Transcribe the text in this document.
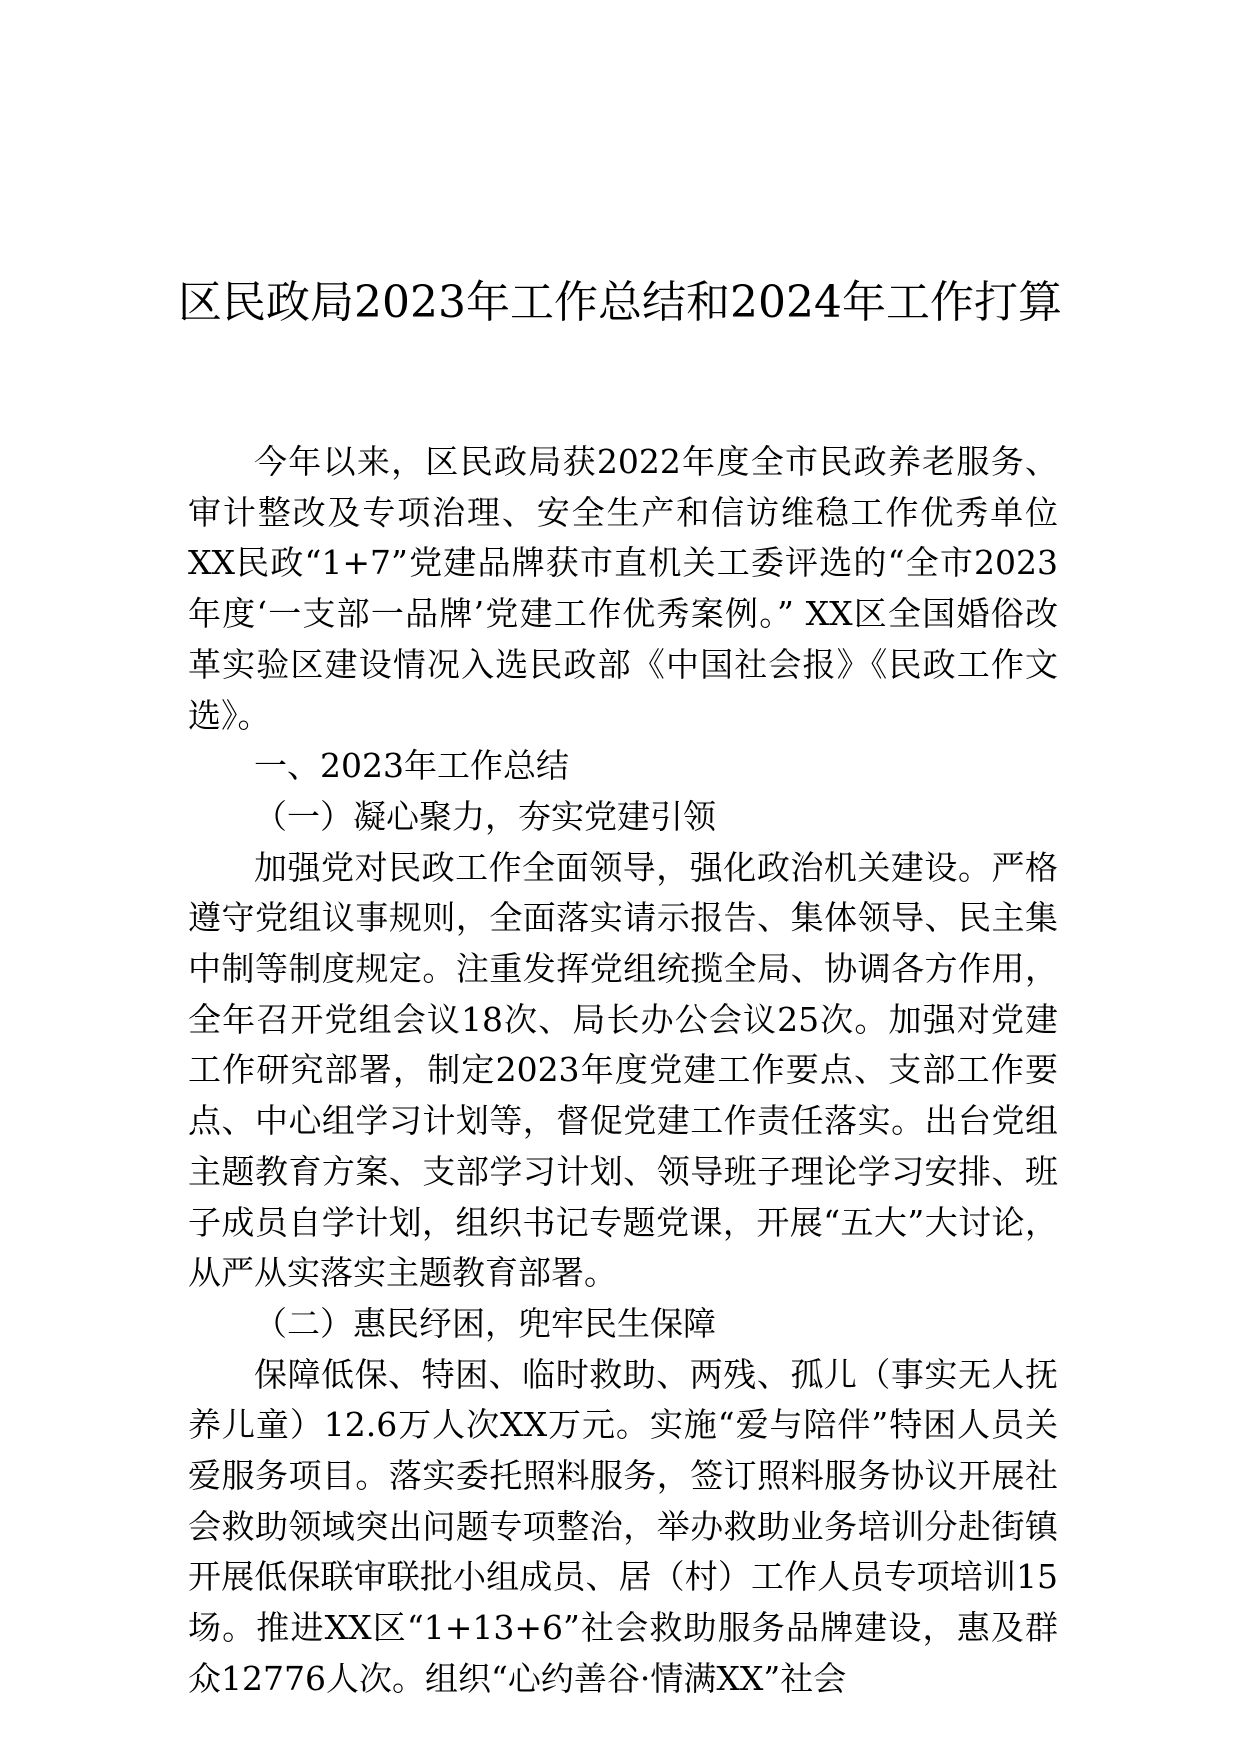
区民政局2023年工作总结和2024年工作打算

今年以来，区民政局获2022年度全市民政养老服务、审计整改及专项治理、安全生产和信访维稳工作优秀单位XX民政“1+7”党建品牌获市直机关工委评选的“全市2023年度‘一支部一品牌’党建工作优秀案例。” XX区全国婚俗改革实验区建设情况入选民政部《中国社会报》《民政工作文选》。

一、2023年工作总结

（一）凝心聚力，夯实党建引领

加强党对民政工作全面领导，强化政治机关建设。严格遵守党组议事规则，全面落实请示报告、集体领导、民主集中制等制度规定。注重发挥党组统揽全局、协调各方作用，全年召开党组会议18次、局长办公会议25次。加强对党建工作研究部署，制定2023年度党建工作要点、支部工作要点、中心组学习计划等，督促党建工作责任落实。出台党组主题教育方案、支部学习计划、领导班子理论学习安排、班子成员自学计划，组织书记专题党课，开展“五大”大讨论，从严从实落实主题教育部署。

（二）惠民纾困，兜牢民生保障

保障低保、特困、临时救助、两残、孤儿（事实无人抚养儿童）12.6万人次XX万元。实施“爱与陪伴”特困人员关爱服务项目。落实委托照料服务，签订照料服务协议开展社会救助领域突出问题专项整治，举办救助业务培训分赴街镇开展低保联审联批小组成员、居（村）工作人员专项培训15场。推进XX区“1+13+6”社会救助服务品牌建设，惠及群众12776人次。组织“心约善谷·情满XX”社会
